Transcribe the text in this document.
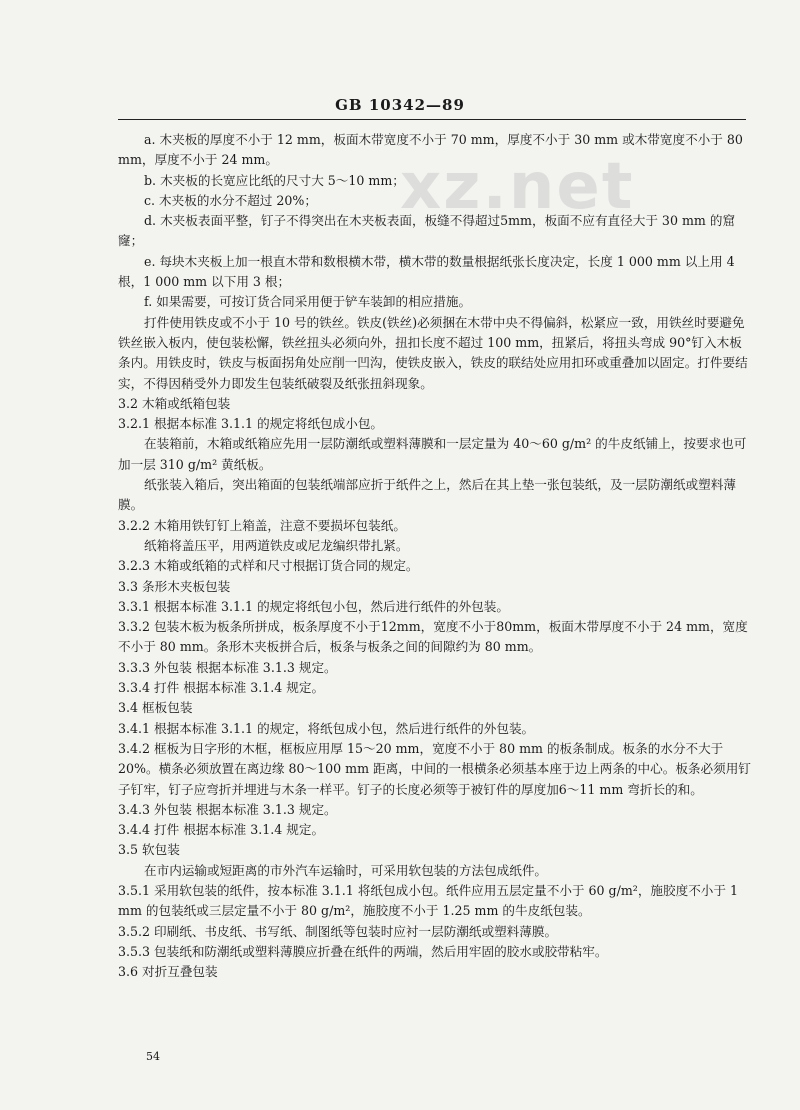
xz.net
GB 10342—89

a. 木夹板的厚度不小于 12 mm，板面木带宽度不小于 70 mm，厚度不小于 30 mm 或木带宽度不小于 80 mm，厚度不小于 24 mm。

b. 木夹板的长宽应比纸的尺寸大 5～10 mm；

c. 木夹板的水分不超过 20%；

d. 木夹板表面平整，钉子不得突出在木夹板表面，板缝不得超过5mm，板面不应有直径大于 30 mm 的窟窿；

e. 每块木夹板上加一根直木带和数根横木带，横木带的数量根据纸张长度决定，长度 1 000 mm 以上用 4 根，1 000 mm 以下用 3 根；

f. 如果需要，可按订货合同采用便于铲车装卸的相应措施。

打件使用铁皮或不小于 10 号的铁丝。铁皮(铁丝)必须捆在木带中央不得偏斜，松紧应一致，用铁丝时要避免铁丝嵌入板内，使包装松懈，铁丝扭头必须向外，扭扣长度不超过 100 mm，扭紧后，将扭头弯成 90°钉入木板条内。用铁皮时，铁皮与板面拐角处应削一凹沟，使铁皮嵌入，铁皮的联结处应用扣环或重叠加以固定。打件要结实，不得因稍受外力即发生包装纸破裂及纸张扭斜现象。

3.2 木箱或纸箱包装

3.2.1 根据本标准 3.1.1 的规定将纸包成小包。

在装箱前，木箱或纸箱应先用一层防潮纸或塑料薄膜和一层定量为 40～60 g/m² 的牛皮纸铺上，按要求也可加一层 310 g/m² 黄纸板。

纸张装入箱后，突出箱面的包装纸端部应折于纸件之上，然后在其上垫一张包装纸，及一层防潮纸或塑料薄膜。

3.2.2 木箱用铁钉钉上箱盖，注意不要损坏包装纸。

纸箱将盖压平，用两道铁皮或尼龙编织带扎紧。

3.2.3 木箱或纸箱的式样和尺寸根据订货合同的规定。

3.3 条形木夹板包装

3.3.1 根据本标准 3.1.1 的规定将纸包小包，然后进行纸件的外包装。

3.3.2 包装木板为板条所拼成，板条厚度不小于12mm，宽度不小于80mm，板面木带厚度不小于 24 mm，宽度不小于 80 mm。条形木夹板拼合后，板条与板条之间的间隙约为 80 mm。

3.3.3 外包装 根据本标准 3.1.3 规定。

3.3.4 打件 根据本标准 3.1.4 规定。

3.4 框板包装

3.4.1 根据本标准 3.1.1 的规定，将纸包成小包，然后进行纸件的外包装。

3.4.2 框板为日字形的木框，框板应用厚 15～20 mm，宽度不小于 80 mm 的板条制成。板条的水分不大于 20%。横条必须放置在离边缘 80～100 mm 距离，中间的一根横条必须基本座于边上两条的中心。板条必须用钉子钉牢，钉子应弯折并埋进与木条一样平。钉子的长度必须等于被钉件的厚度加6～11 mm 弯折长的和。

3.4.3 外包装 根据本标准 3.1.3 规定。

3.4.4 打件 根据本标准 3.1.4 规定。

3.5 软包装

在市内运输或短距离的市外汽车运输时，可采用软包装的方法包成纸件。

3.5.1 采用软包装的纸件，按本标准 3.1.1 将纸包成小包。纸件应用五层定量不小于 60 g/m²，施胶度不小于 1 mm 的包装纸或三层定量不小于 80 g/m²，施胶度不小于 1.25 mm 的牛皮纸包装。

3.5.2 印刷纸、书皮纸、书写纸、制图纸等包装时应衬一层防潮纸或塑料薄膜。

3.5.3 包装纸和防潮纸或塑料薄膜应折叠在纸件的两端，然后用牢固的胶水或胶带粘牢。

3.6 对折互叠包装

54
